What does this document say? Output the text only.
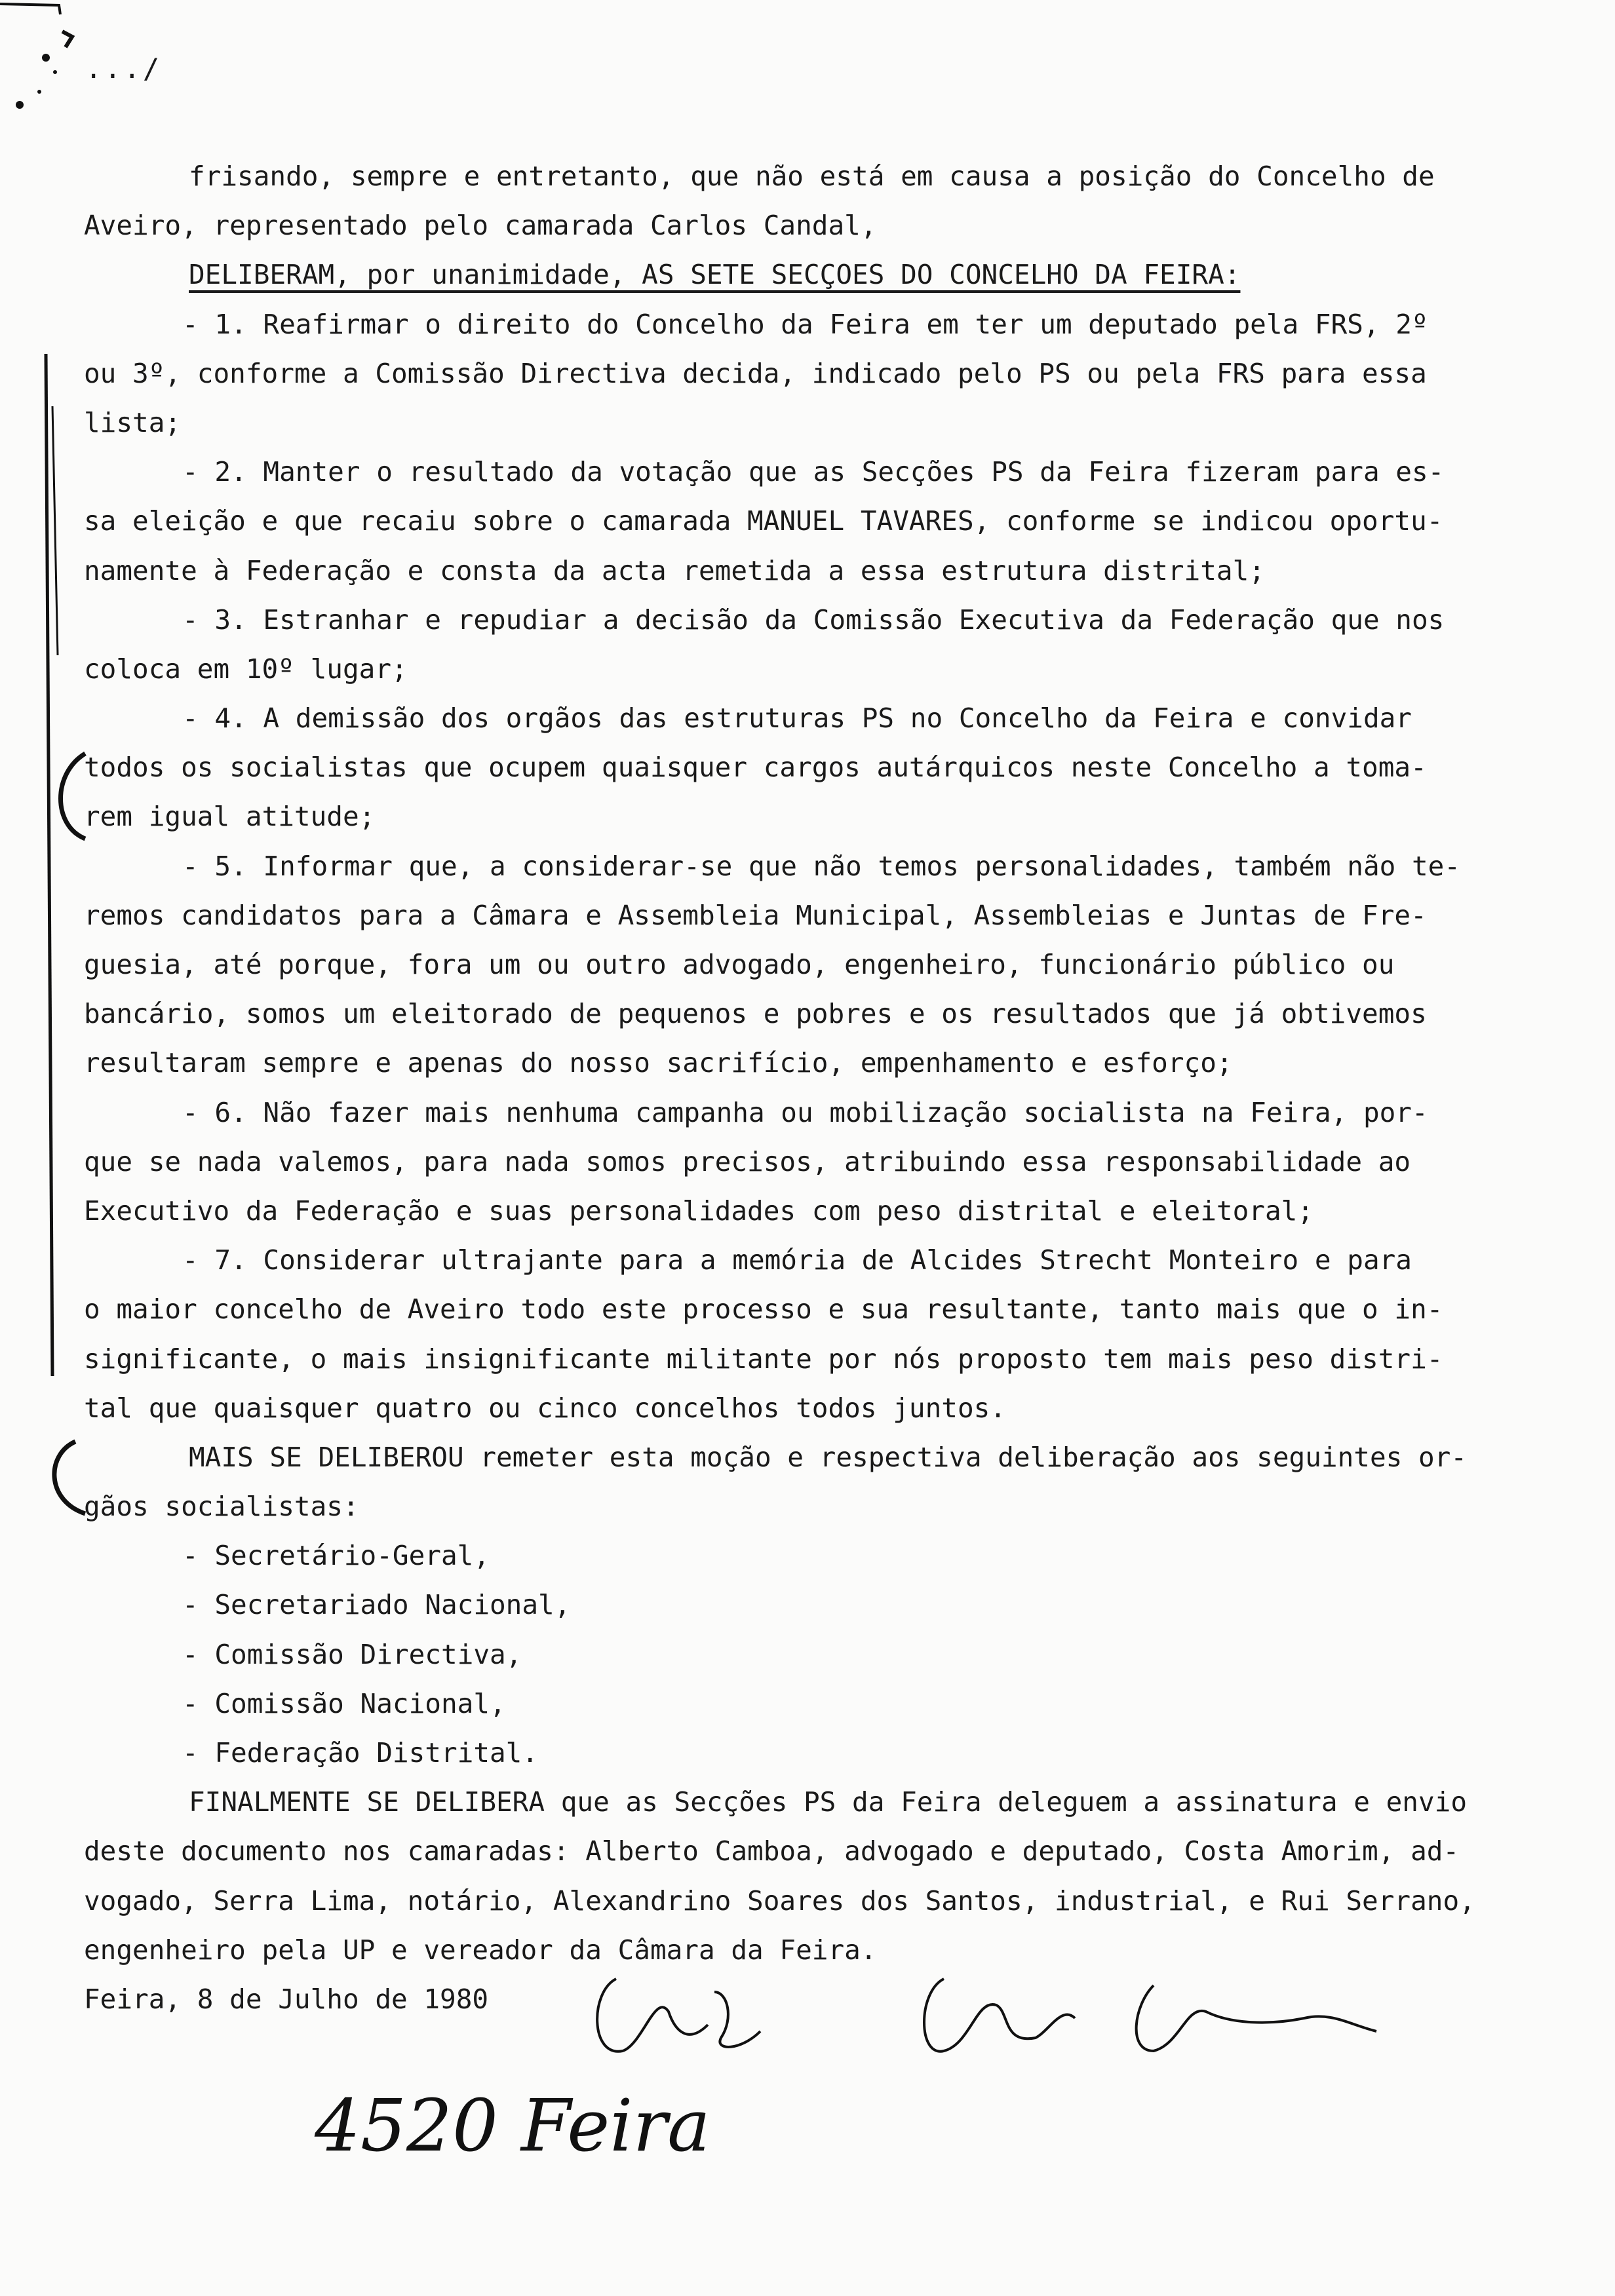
.../
frisando, sempre e entretanto, que não está em causa a posição do Concelho de
Aveiro, representado pelo camarada Carlos Candal,
DELIBERAM, por unanimidade, AS SETE SECÇOES DO CONCELHO DA FEIRA:
- 1. Reafirmar o direito do Concelho da Feira em ter um deputado pela FRS, 2º
ou 3º, conforme a Comissão Directiva decida, indicado pelo PS ou pela FRS para essa
lista;
- 2. Manter o resultado da votação que as Secções PS da Feira fizeram para es-
sa eleição e que recaiu sobre o camarada MANUEL TAVARES, conforme se indicou oportu-
namente à Federação e consta da acta remetida a essa estrutura distrital;
- 3. Estranhar e repudiar a decisão da Comissão Executiva da Federação que nos
coloca em 10º lugar;
- 4. A demissão dos orgãos das estruturas PS no Concelho da Feira e convidar
todos os socialistas que ocupem quaisquer cargos autárquicos neste Concelho a toma-
rem igual atitude;
- 5. Informar que, a considerar-se que não temos personalidades, também não te-
remos candidatos para a Câmara e Assembleia Municipal, Assembleias e Juntas de Fre-
guesia, até porque, fora um ou outro advogado, engenheiro, funcionário público ou
bancário, somos um eleitorado de pequenos e pobres e os resultados que já obtivemos
resultaram sempre e apenas do nosso sacrifício, empenhamento e esforço;
- 6. Não fazer mais nenhuma campanha ou mobilização socialista na Feira, por-
que se nada valemos, para nada somos precisos, atribuindo essa responsabilidade ao
Executivo da Federação e suas personalidades com peso distrital e eleitoral;
- 7. Considerar ultrajante para a memória de Alcides Strecht Monteiro e para
o maior concelho de Aveiro todo este processo e sua resultante, tanto mais que o in-
significante, o mais insignificante militante por nós proposto tem mais peso distri-
tal que quaisquer quatro ou cinco concelhos todos juntos.
MAIS SE DELIBEROU remeter esta moção e respectiva deliberação aos seguintes or-
gãos socialistas:
- Secretário-Geral,
- Secretariado Nacional,
- Comissão Directiva,
- Comissão Nacional,
- Federação Distrital.
FINALMENTE SE DELIBERA que as Secções PS da Feira deleguem a assinatura e envio
deste documento nos camaradas: Alberto Camboa, advogado e deputado, Costa Amorim, ad-
vogado, Serra Lima, notário, Alexandrino Soares dos Santos, industrial, e Rui Serrano,
engenheiro pela UP e vereador da Câmara da Feira.
Feira, 8 de Julho de 1980
4520 Feira
